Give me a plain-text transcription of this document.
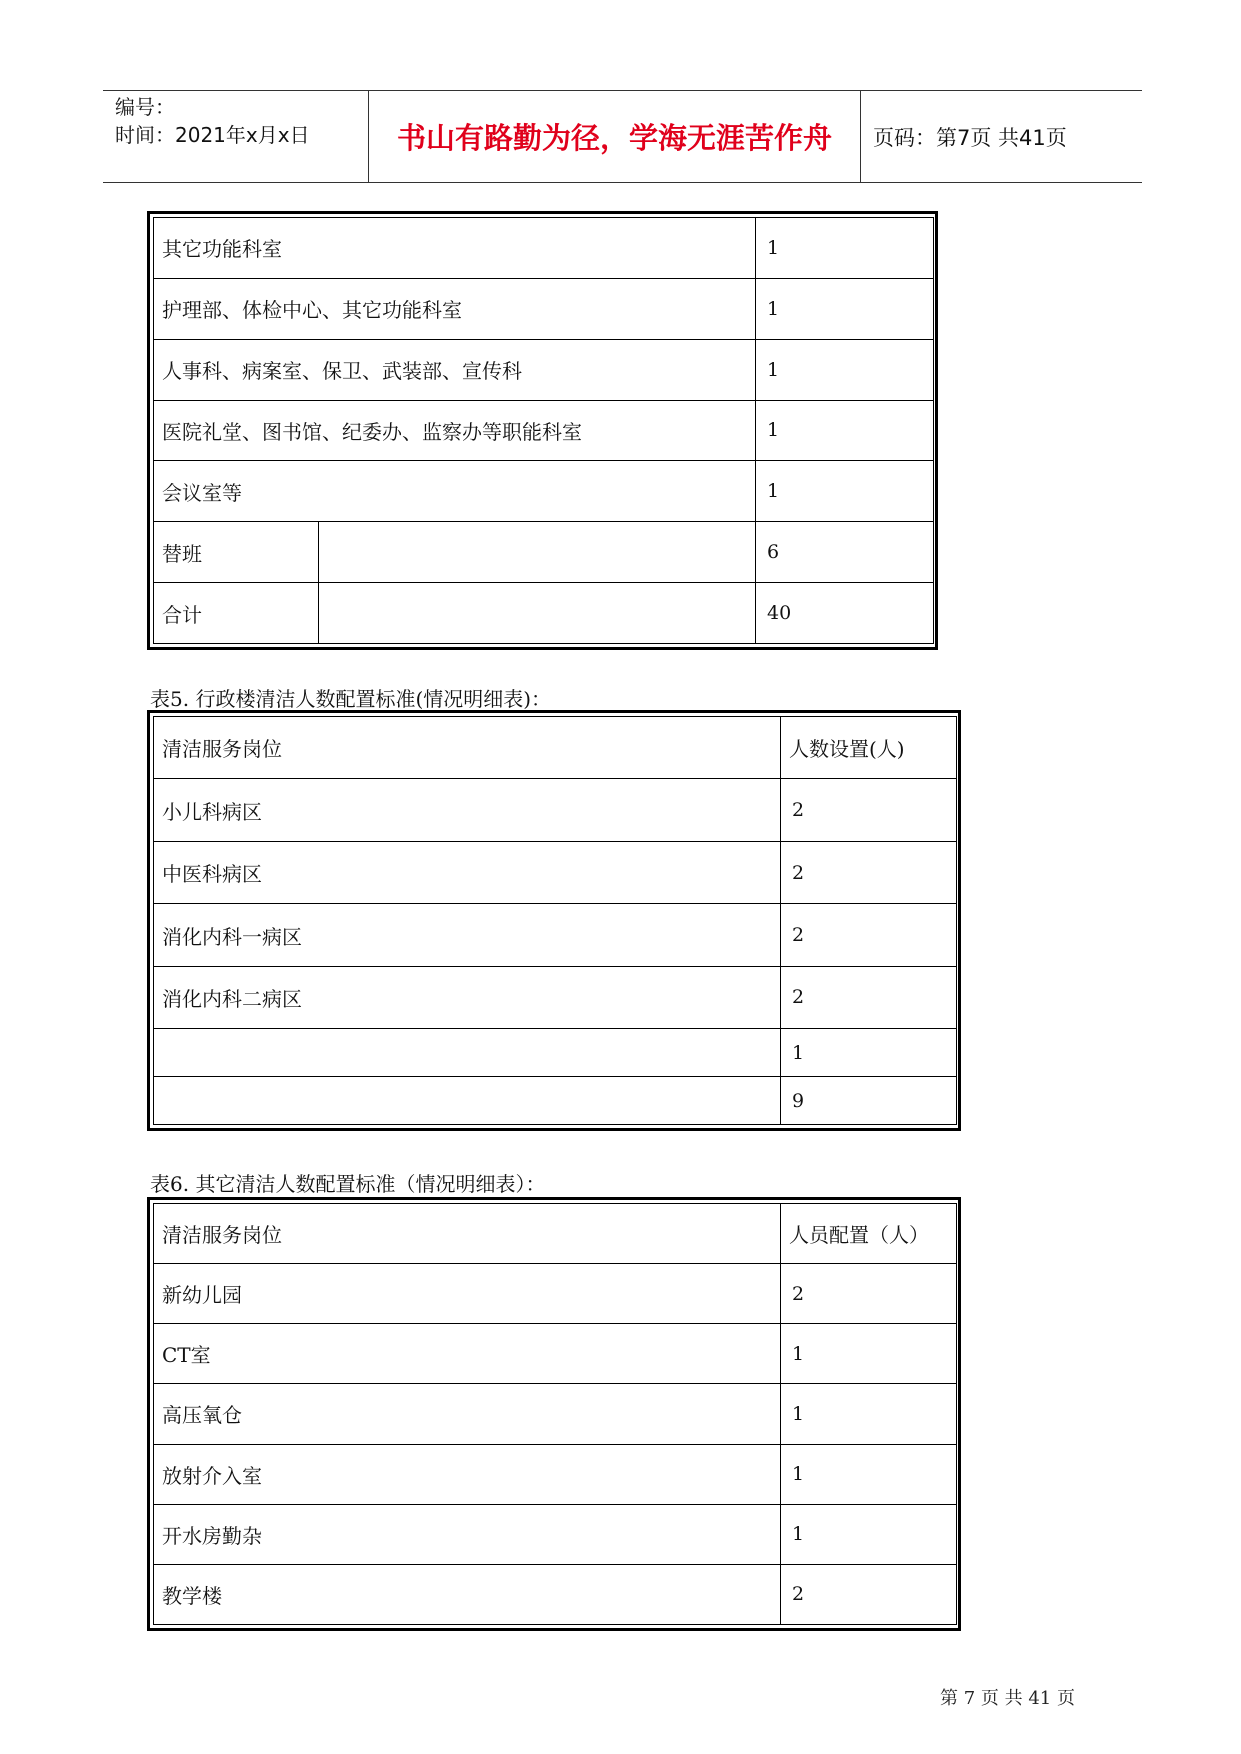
编号：
时间：2021年x月x日	书山有路勤为径，学海无涯苦作舟	页码：第7页 共41页
其它功能科室		1
护理部、体检中心、其它功能科室		1
人事科、病案室、保卫、武装部、宣传科		1
医院礼堂、图书馆、纪委办、监察办等职能科室		1
会议室等		1
替班		6
合计		40
表5. 行政楼清洁人数配置标准(情况明细表)：
清洁服务岗位	人数设置(人)
小儿科病区	2
中医科病区	2
消化内科一病区	2
消化内科二病区	2
	1
	9
表6. 其它清洁人数配置标准（情况明细表）：
清洁服务岗位	人员配置（人）
新幼儿园	2
CT室	1
高压氧仓	1
放射介入室	1
开水房勤杂	1
教学楼	2
第 7 页 共 41 页
